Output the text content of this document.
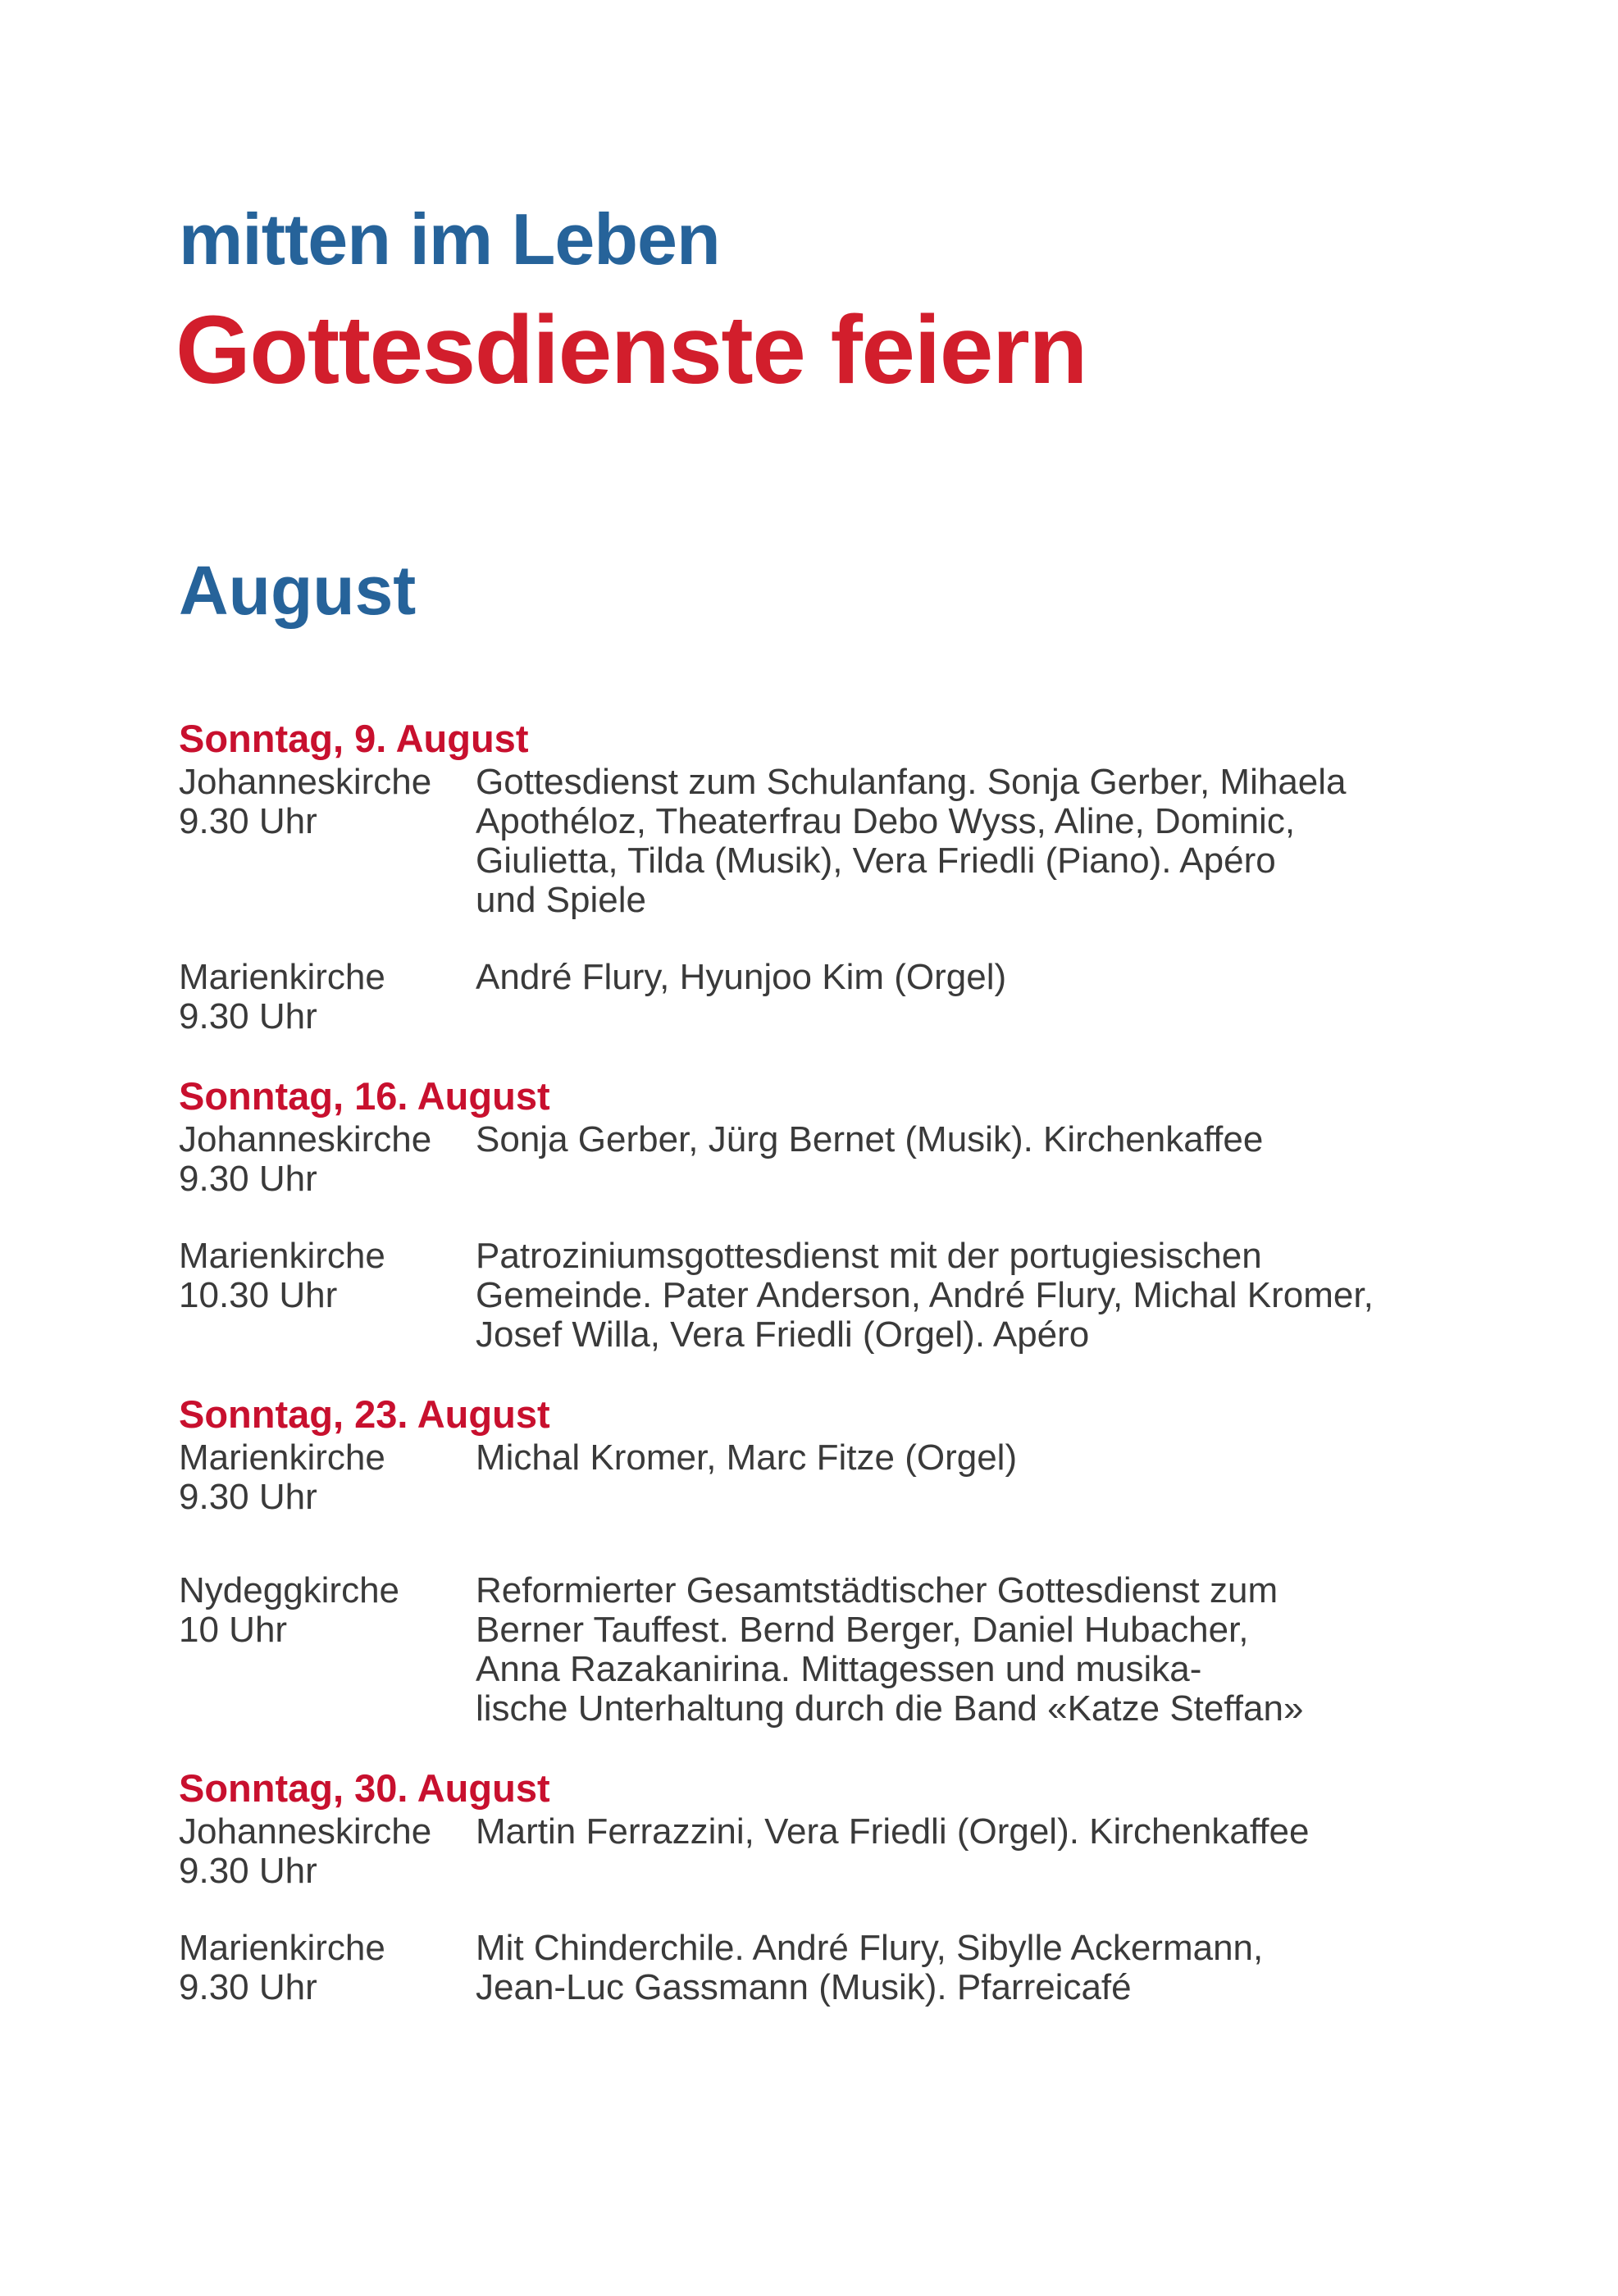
mitten im Leben
Gottesdienste feiern
August
Sonntag, 9. August
Johanneskirche
9.30 Uhr
Gottesdienst zum Schulanfang. Sonja Gerber, Mihaela
Apothéloz, Theaterfrau Debo Wyss, Aline, Dominic,
Giulietta, Tilda (Musik), Vera Friedli (Piano). Apéro
und Spiele
Marienkirche
9.30 Uhr
André Flury, Hyunjoo Kim (Orgel)
Sonntag, 16. August
Johanneskirche
9.30 Uhr
Sonja Gerber, Jürg Bernet (Musik). Kirchenkaffee
Marienkirche
10.30 Uhr
Patroziniumsgottesdienst mit der portugiesischen
Gemeinde. Pater Anderson, André Flury, Michal Kromer,
Josef Willa, Vera Friedli (Orgel). Apéro
Sonntag, 23. August
Marienkirche
9.30 Uhr
Michal Kromer, Marc Fitze (Orgel)
Nydeggkirche
10 Uhr
Reformierter Gesamtstädtischer Gottesdienst zum
Berner Tauffest. Bernd Berger, Daniel Hubacher,
Anna Razakanirina. Mittagessen und musika-
lische Unterhaltung durch die Band «Katze Steffan»
Sonntag, 30. August
Johanneskirche
9.30 Uhr
Martin Ferrazzini, Vera Friedli (Orgel). Kirchenkaffee
Marienkirche
9.30 Uhr
Mit Chinderchile. André Flury, Sibylle Ackermann,
Jean-Luc Gassmann (Musik). Pfarreicafé
